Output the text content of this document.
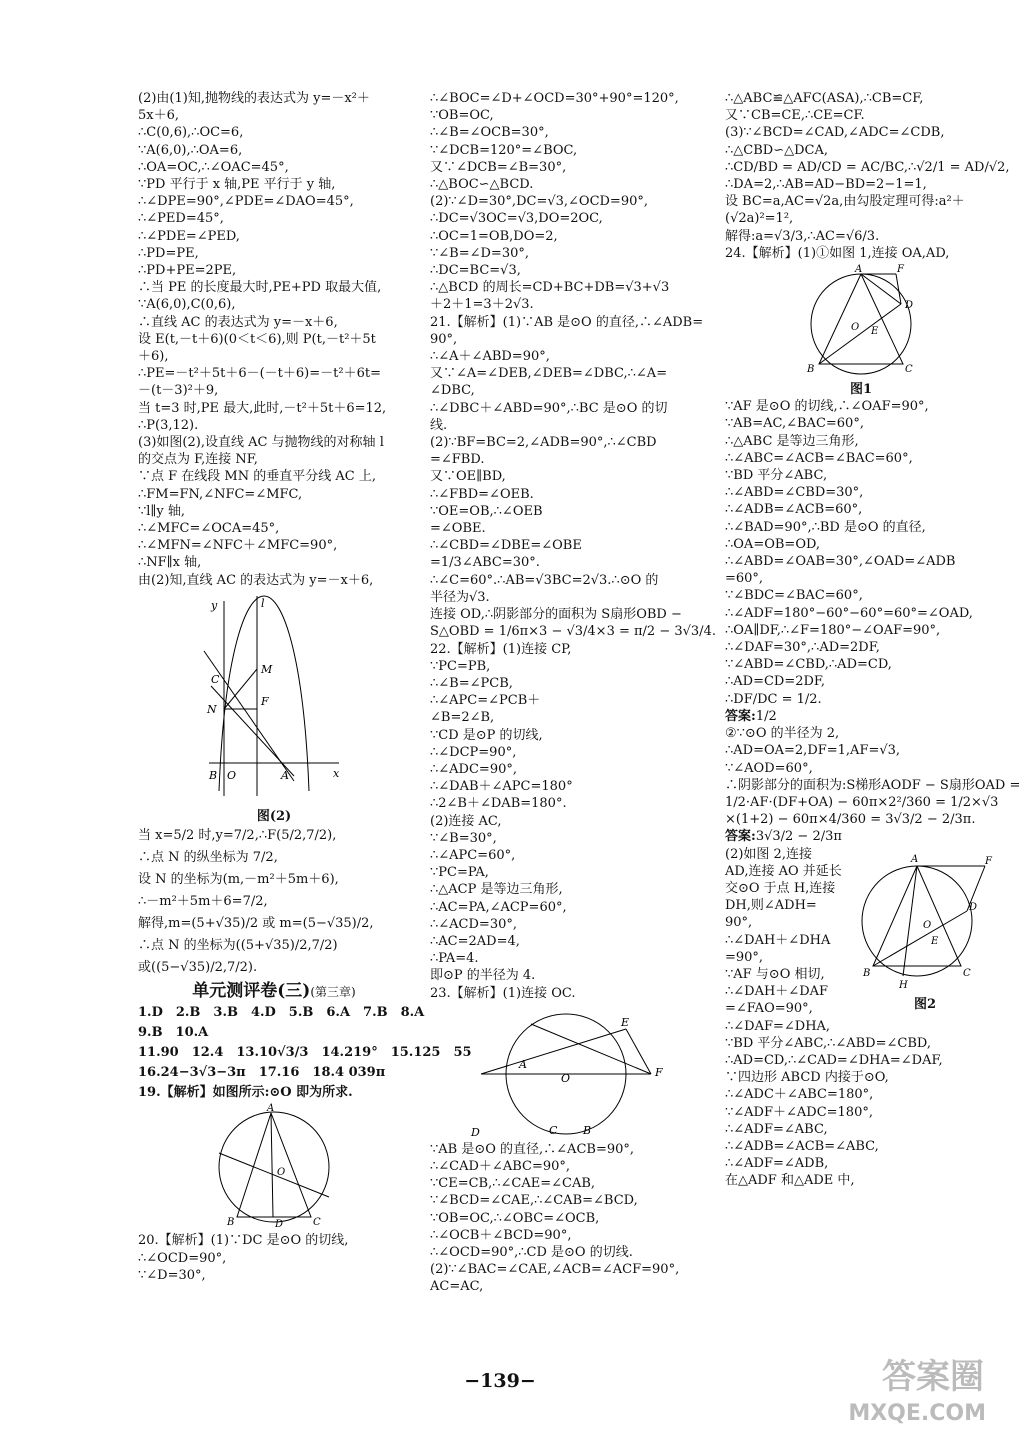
(2)由(1)知,抛物线的表达式为 y=－x²＋
5x＋6,
∴C(0,6),∴OC=6,
∵A(6,0),∴OA=6,
∴OA=OC,∴∠OAC=45°,
∵PD 平行于 x 轴,PE 平行于 y 轴,
∴∠DPE=90°,∠PDE=∠DAO=45°,
∴∠PED=45°,
∴∠PDE=∠PED,
∴PD=PE,
∴PD+PE=2PE,
∴当 PE 的长度最大时,PE+PD 取最大值,
∵A(6,0),C(0,6),
∴直线 AC 的表达式为 y=－x＋6,
设 E(t,－t＋6)(0＜t＜6),则 P(t,－t²＋5t
＋6),
∴PE=－t²＋5t＋6－(－t＋6)=－t²＋6t=
－(t－3)²＋9,
当 t=3 时,PE 最大,此时,－t²＋5t＋6=12,
∴P(3,12).
(3)如图(2),设直线 AC 与抛物线的对称轴 l
的交点为 F,连接 NF,
∵点 F 在线段 MN 的垂直平分线 AC 上,
∴FM=FN,∠NFC=∠MFC,
∵l∥y 轴,
∴∠MFC=∠OCA=45°,
∴∠MFN=∠NFC＋∠MFC=90°,
∴NF∥x 轴,
由(2)知,直线 AC 的表达式为 y=－x＋6,
y	l
M
C
N
F
B O	A	x
图(2)
当 x=5/2 时,y=7/2,∴F(5/2,7/2),
∴点 N 的纵坐标为 7/2,
设 N 的坐标为(m,－m²＋5m＋6),
∴－m²＋5m＋6=7/2,
解得,m=(5+√35)/2 或 m=(5−√35)/2,
∴点 N 的坐标为((5+√35)/2,7/2)
或((5−√35)/2,7/2).
单元测评卷(三)(第三章)
1.D　2.B　3.B　4.D　5.B　6.A　7.B　8.A
9.B　10.A
11.90　12.4　13.10√3/3　14.219°　15.125　55
16.24−3√3−3π　17.16　18.4 039π
19.【解析】如图所示:⊙O 即为所求.
A
B	C
D
O
20.【解析】(1)∵DC 是⊙O 的切线,
∴∠OCD=90°,
∵∠D=30°,
∴∠BOC=∠D+∠OCD=30°+90°=120°,
∵OB=OC,
∴∠B=∠OCB=30°,
∵∠DCB=120°=∠BOC,
又∵∠DCB=∠B=30°,
∴△BOC∽△BCD.
(2)∵∠D=30°,DC=√3,∠OCD=90°,
∴DC=√3OC=√3,DO=2OC,
∴OC=1=OB,DO=2,
∵∠B=∠D=30°,
∴DC=BC=√3,
∴△BCD 的周长=CD+BC+DB=√3+√3
＋2＋1=3＋2√3.
21.【解析】(1)∵AB 是⊙O 的直径,∴∠ADB=
90°,
∴∠A＋∠ABD=90°,
又∵∠A=∠DEB,∠DEB=∠DBC,∴∠A=
∠DBC,
∴∠DBC＋∠ABD=90°,∴BC 是⊙O 的切
线.
(2)∵BF=BC=2,∠ADB=90°,∴∠CBD
=∠FBD.
又∵OE∥BD,
∴∠FBD=∠OEB.
∵OE=OB,∴∠OEB
=∠OBE.
∴∠CBD=∠DBE=∠OBE
=1/3∠ABC=30°.
∴∠C=60°.∴AB=√3BC=2√3.∴⊙O 的
半径为√3.
连接 OD,∴阴影部分的面积为 S扇形OBD −
S△OBD = 1/6π×3 − √3/4×3 = π/2 − 3√3/4.
22.【解析】(1)连接 CP,
∵PC=PB,
∴∠B=∠PCB,
∴∠APC=∠PCB＋
∠B=2∠B,
∵CD 是⊙P 的切线,
∴∠DCP=90°,
∴∠ADC=90°,
∴∠DAB＋∠APC=180°
∴2∠B＋∠DAB=180°.
(2)连接 AC,
∵∠B=30°,
∴∠APC=60°,
∵PC=PA,
∴△ACP 是等边三角形,
∴AC=PA,∠ACP=60°,
∴∠ACD=30°,
∴AC=2AD=4,
∴PA=4.
即⊙P 的半径为 4.
23.【解析】(1)连接 OC.
C B
D
A
E
O	F
∵AB 是⊙O 的直径,∴∠ACB=90°,
∴∠CAD＋∠ABC=90°,
∵CE=CB,∴∠CAE=∠CAB,
∵∠BCD=∠CAE,∴∠CAB=∠BCD,
∵OB=OC,∴∠OBC=∠OCB,
∴∠OCB＋∠BCD=90°,
∴∠OCD=90°,∴CD 是⊙O 的切线.
(2)∵∠BAC=∠CAE,∠ACB=∠ACF=90°,
AC=AC,
∴△ABC≌△AFC(ASA),∴CB=CF,
又∵CB=CE,∴CE=CF.
(3)∵∠BCD=∠CAD,∠ADC=∠CDB,
∴△CBD∽△DCA,
∴CD/BD = AD/CD = AC/BC,∴√2/1 = AD/√2,
∴DA=2,∴AB=AD−BD=2−1=1,
设 BC=a,AC=√2a,由勾股定理可得:a²＋
(√2a)²=1²,
解得:a=√3/3,∴AC=√6/3.
24.【解析】(1)①如图 1,连接 OA,AD,
A	F
D
B	C
O E
图1
∵AF 是⊙O 的切线,∴∠OAF=90°,
∵AB=AC,∠BAC=60°,
∴△ABC 是等边三角形,
∴∠ABC=∠ACB=∠BAC=60°,
∵BD 平分∠ABC,
∴∠ABD=∠CBD=30°,
∴∠ADB=∠ACB=60°,
∴∠BAD=90°,∴BD 是⊙O 的直径,
∴OA=OB=OD,
∴∠ABD=∠OAB=30°,∠OAD=∠ADB
=60°,
∵∠BDC=∠BAC=60°,
∴∠ADF=180°−60°−60°=60°=∠OAD,
∴OA∥DF,∴∠F=180°−∠OAF=90°,
∴∠DAF=30°,∴AD=2DF,
∵∠ABD=∠CBD,∴AD=CD,
∴AD=CD=2DF,
∴DF/DC = 1/2.
答案:1/2
②∵⊙O 的半径为 2,
∴AD=OA=2,DF=1,AF=√3,
∵∠AOD=60°,
∴阴影部分的面积为:S梯形AODF − S扇形OAD =
1/2·AF·(DF+OA) − 60π×2²/360 = 1/2×√3
×(1+2) − 60π×4/360 = 3√3/2 − 2/3π.
答案:3√3/2 − 2/3π
(2)如图 2,连接
AD,连接 AO 并延长
交⊙O 于点 H,连接
DH,则∠ADH=
90°,
∴∠DAH＋∠DHA
=90°,
∵AF 与⊙O 相切,
∴∠DAH＋∠DAF
=∠FAO=90°,
∴∠DAF=∠DHA,
A	F
D
B	C
H
O
E
图2
∵BD 平分∠ABC,∴∠ABD=∠CBD,
∴AD=CD,∴∠CAD=∠DHA=∠DAF,
∵四边形 ABCD 内接于⊙O,
∴∠ADC＋∠ABC=180°,
∵∠ADF＋∠ADC=180°,
∴∠ADF=∠ABC,
∴∠ADB=∠ACB=∠ABC,
∴∠ADF=∠ADB,
在△ADF 和△ADE 中,
−139−	答案圈
MXQE.COM
